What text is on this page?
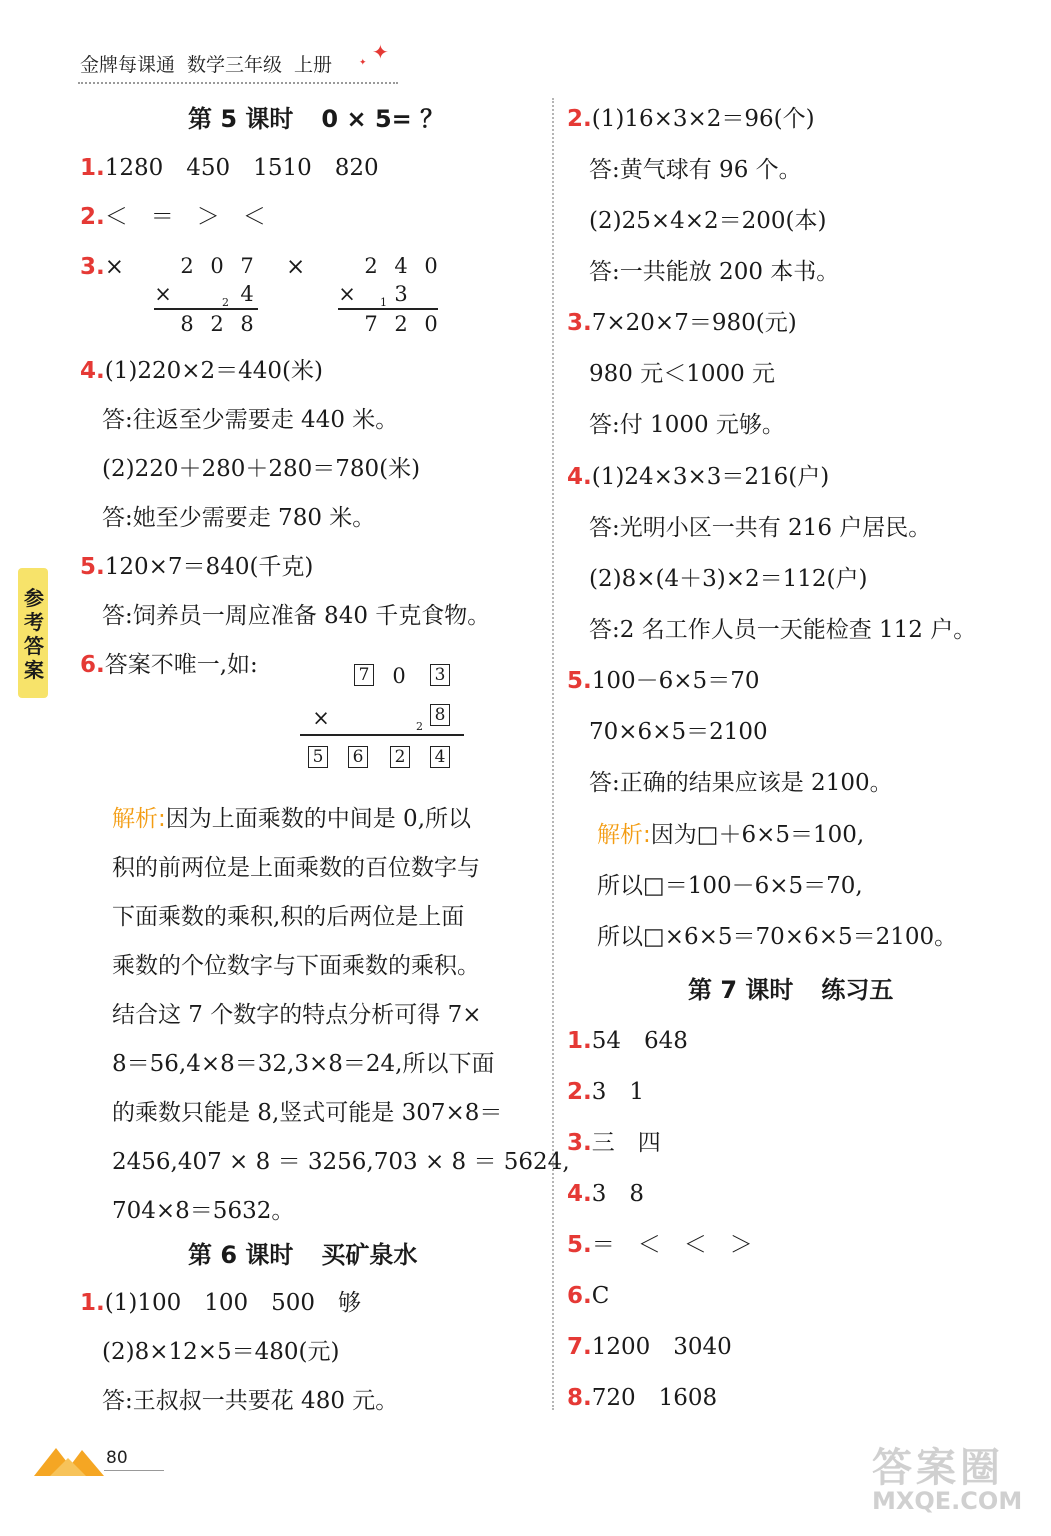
金牌每课通 数学三年级 上册
✦
✦
参考答案
第 5 课时 0 × 5= ？
1.1280　450　1510　820
2.＜　＝　＞　＜
3.×	2 0 7
×	2 4
8 2 8
×	2 4 0
× 1 3
7 2 0
4.(1)220×2＝440(米)
答:往返至少需要走 440 米。
(2)220＋280＋280＝780(米)
答:她至少需要走 780 米。
5.120×7＝840(千克)
答:饲养员一周应准备 840 千克食物。
6.答案不唯一,如:	7 0 3
×	2
8
5 6 2 4
解析:因为上面乘数的中间是 0,所以
积的前两位是上面乘数的百位数字与
下面乘数的乘积,积的后两位是上面
乘数的个位数字与下面乘数的乘积。
结合这 7 个数字的特点分析可得 7×
8＝56,4×8＝32,3×8＝24,所以下面
的乘数只能是 8,竖式可能是 307×8＝
2456,407 × 8 ＝ 3256,703 × 8 ＝ 5624,
704×8＝5632。
第 6 课时 买矿泉水
1.(1)100　100　500　够
(2)8×12×5＝480(元)
答:王叔叔一共要花 480 元。
2.(1)16×3×2＝96(个)
答:黄气球有 96 个。
(2)25×4×2＝200(本)
答:一共能放 200 本书。
3.7×20×7＝980(元)
980 元＜1000 元
答:付 1000 元够。
4.(1)24×3×3＝216(户)
答:光明小区一共有 216 户居民。
(2)8×(4＋3)×2＝112(户)
答:2 名工作人员一天能检查 112 户。
5.100－6×5＝70
70×6×5＝2100
答:正确的结果应该是 2100。
解析:因为□＋6×5＝100,
所以□＝100－6×5＝70,
所以□×6×5＝70×6×5＝2100。
第 7 课时 练习五
1.54　648
2.3　1
3.三　四
4.3　8
5.＝　＜　＜　＞
6.C
7.1200　3040
8.720　1608
80	答案圈
MXQE.COM
